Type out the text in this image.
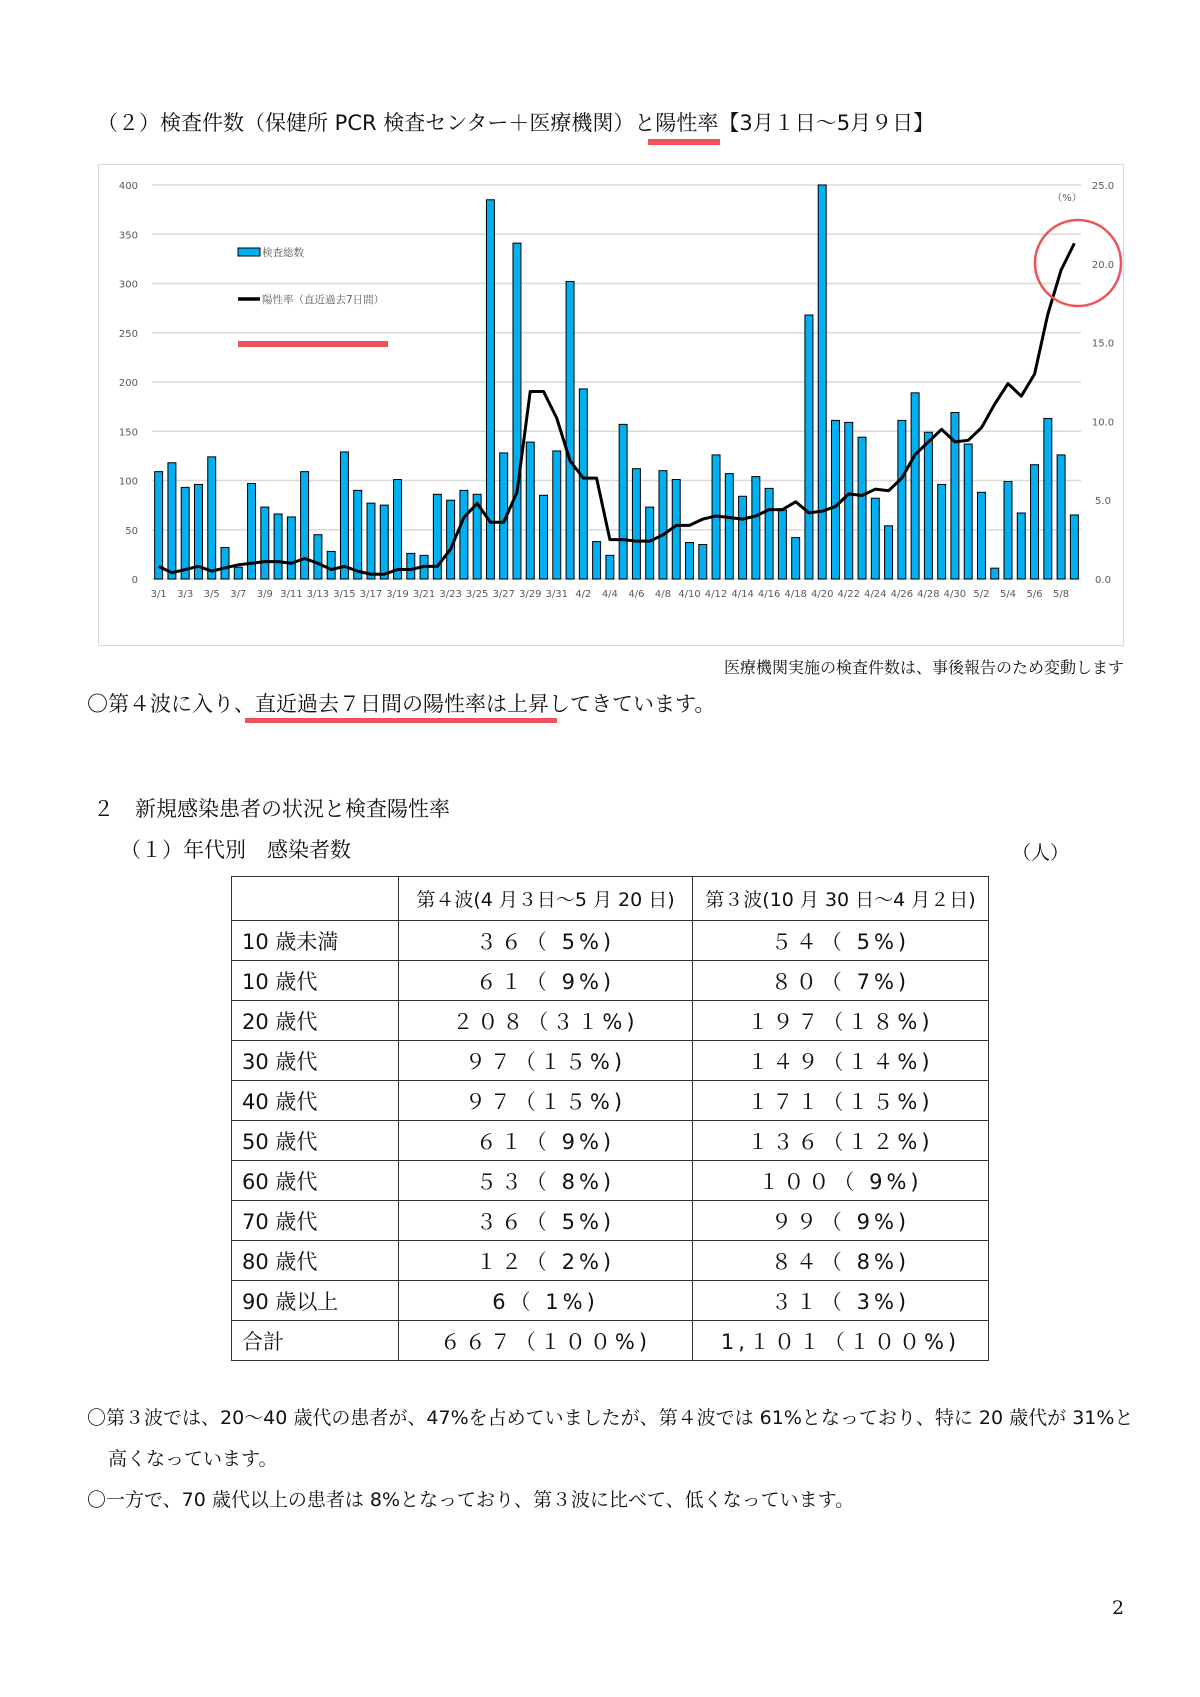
（２）検査件数（保健所 PCR 検査センター＋医療機関）と陽性率【3月１日～5月９日】
0
50
100
150
200
250
300
350
400
0.0
5.0
10.0
15.0
20.0
25.0
（%）
3/1 3/3 3/5 3/7 3/9 3/11 3/13 3/15 3/17 3/19 3/21 3/23 3/25 3/27 3/29 3/31 4/2 4/4 4/6 4/8 4/10 4/12 4/14 4/16 4/18 4/20 4/22 4/24 4/26 4/28 4/30 5/2 5/4 5/6 5/8
検査総数
陽性率（直近過去7日間）
医療機関実施の検査件数は、事後報告のため変動します
〇第４波に入り、直近過去７日間の陽性率は上昇してきています。
２　新規感染患者の状況と検査陽性率
（１）年代別　感染者数	（人）
	第４波(4 月３日～5 月 20 日)	第３波(10 月 30 日～4 月２日)
10 歳未満	３６（ 5%)	５４（ 5%)
10 歳代	６１（ 9%)	８０（ 7%)
20 歳代	２０８（３１%)	１９７（１８%)
30 歳代	９７（１５%)	１４９（１４%)
40 歳代	９７（１５%)	１７１（１５%)
50 歳代	６１（ 9%)	１３６（１２%)
60 歳代	５３（ 8%)	１００（ 9%)
70 歳代	３６（ 5%)	９９（ 9%)
80 歳代	１２（ 2%)	８４（ 8%)
90 歳以上	6（ 1%)	３１（ 3%)
合計	６６７（１００%)	1,１０１（１００%)
〇第３波では、20～40 歳代の患者が、47%を占めていましたが、第４波では 61%となっており、特に 20 歳代が 31%と
高くなっています。
〇一方で、70 歳代以上の患者は 8%となっており、第３波に比べて、低くなっています。
2
